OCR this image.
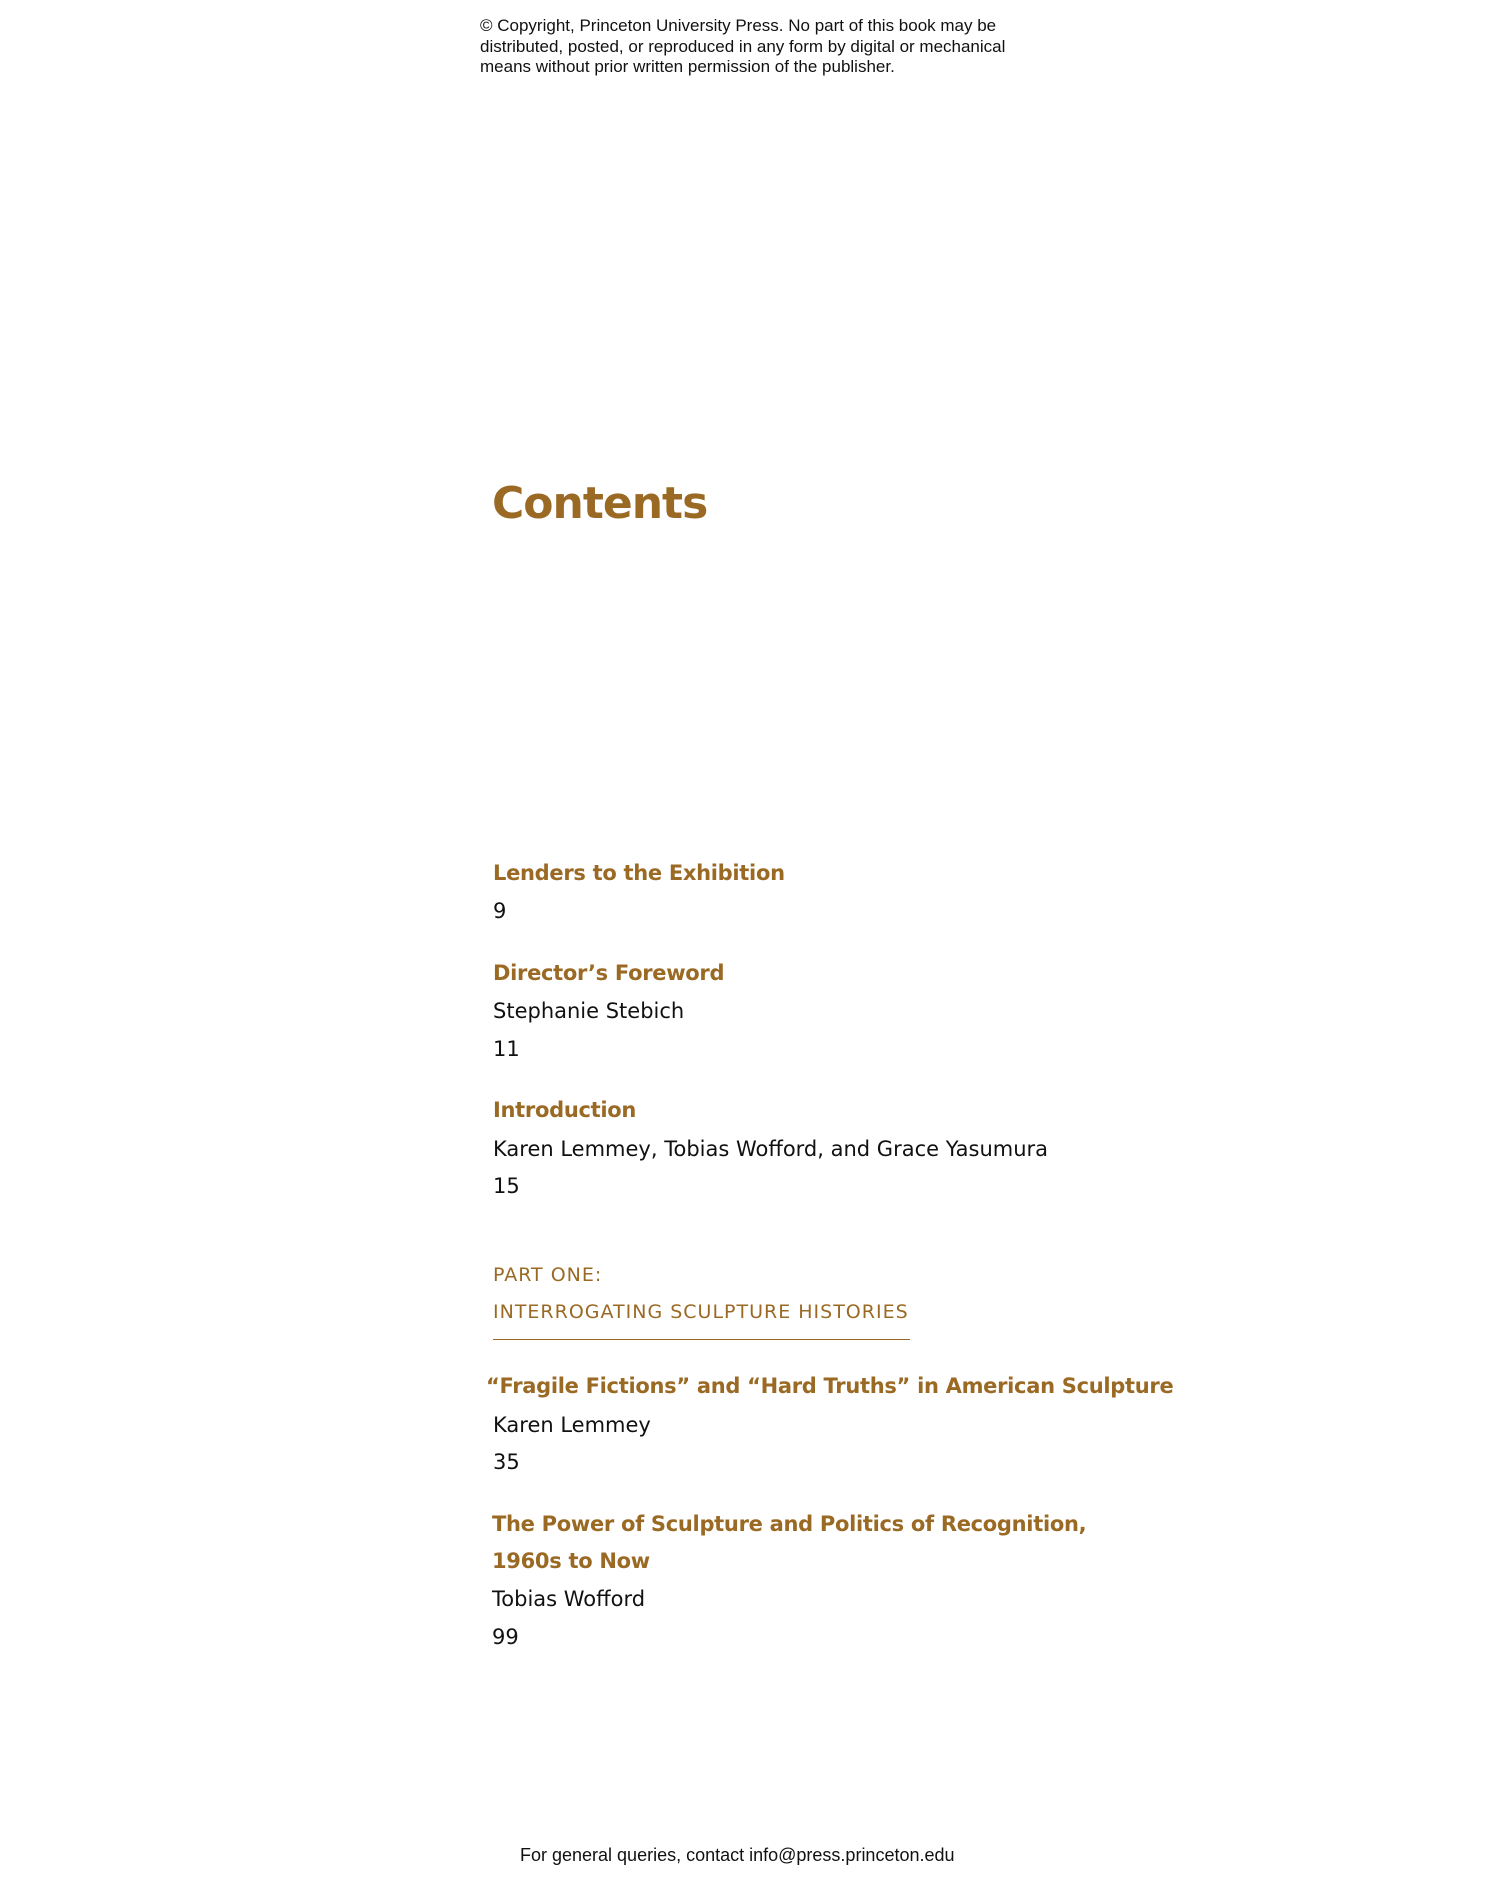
© Copyright, Princeton University Press. No part of this book may be
distributed, posted, or reproduced in any form by digital or mechanical
means without prior written permission of the publisher.
Contents
Lenders to the Exhibition
9
Director’s Foreword
Stephanie Stebich
11
Introduction
Karen Lemmey, Tobias Wofford, and Grace Yasumura
15
PART ONE:
INTERROGATING SCULPTURE HISTORIES
“Fragile Fictions” and “Hard Truths” in American Sculpture
Karen Lemmey
35
The Power of Sculpture and Politics of Recognition,
1960s to Now
Tobias Wofford
99
For general queries, contact info@press.princeton.edu
